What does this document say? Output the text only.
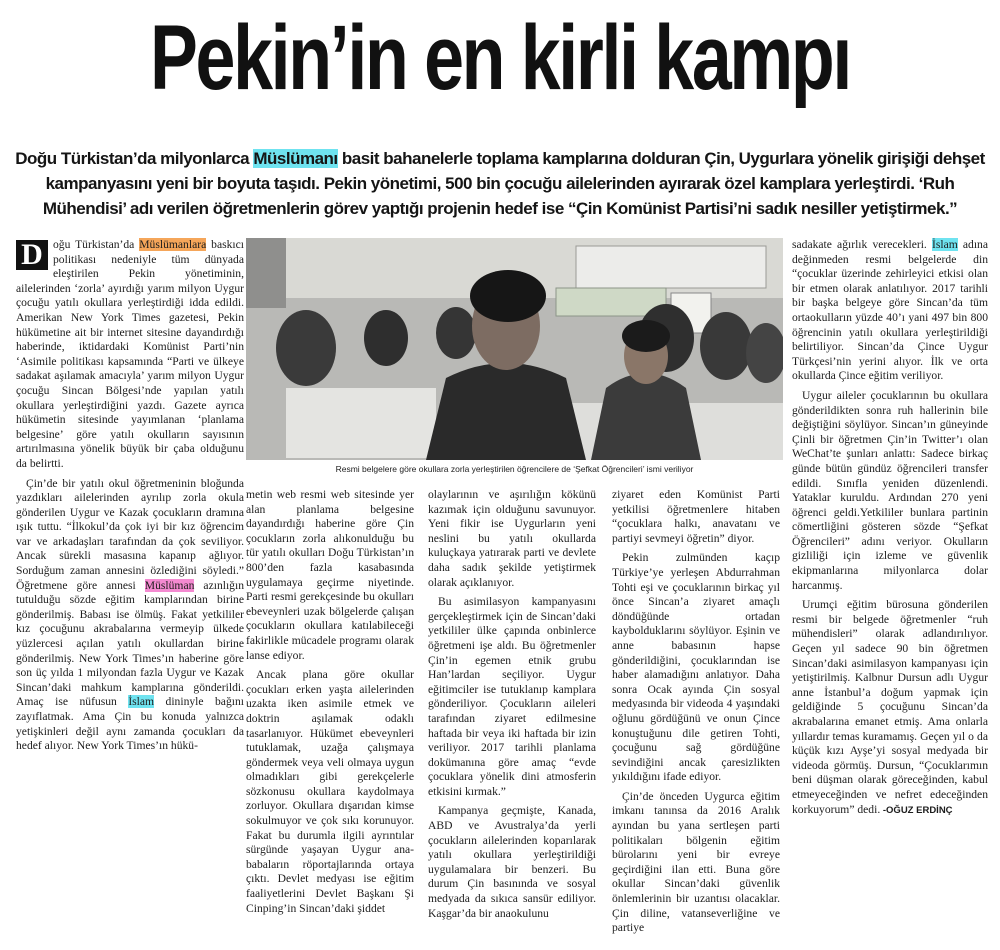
Pekin’in en kirli kampı
Doğu Türkistan’da milyonlarca Müslümanı basit bahanelerle toplama kamplarına dolduran Çin, Uygurlara yönelik girişiği dehşet kampanyasını yeni bir boyuta taşıdı. Pekin yönetimi, 500 bin çocuğu ailelerinden ayırarak özel kamplara yerleştirdi. ‘Ruh Mühendisi’ adı verilen öğretmenlerin görev yaptığı projenin hedef ise “Çin Komünist Partisi’ni sadık nesiller yetiştirmek.”

D oğu Türkistan’da Müslümanlara baskıcı politikası nedeniyle tüm dünyada eleştirilen Pekin yönetiminin, ailelerinden ‘zorla’ ayırdığı yarım milyon Uygur çocuğu yatılı okullara yerleştirdiği idda edildi. Amerikan New York Times gazetesi, Pekin hükümetine ait bir internet sitesine dayandırdığı haberinde, iktidardaki Komünist Parti’nin ‘Asimile politikası kapsamında “Parti ve ülkeye sadakat aşılamak amacıyla’ yarım milyon Uygur çocuğu Sincan Bölgesi’nde yapılan yatılı okullara yerleştirdiğini yazdı. Gazete ayrıca hükümetin sitesinde yayımlanan ‘planlama belgesine’ göre yatılı okulların sayısının artırılmasına yönelik büyük bir çaba olduğunu da belirtti.

Çin’de bir yatılı okul öğretmeninin bloğunda yazdıkları ailelerinden ayrılıp zorla okula gönderilen Uygur ve Kazak çocukların dramına ışık tuttu. “İlkokul’da çok iyi bir kız öğrencim var ve arkadaşları tarafından da çok seviliyor. Ancak sürekli masasına kapanıp ağlıyor. Sorduğum zaman annesini özlediğini söyledi.” Öğretmene göre annesi Müslüman azınlığın tutulduğu sözde eğitim kamplarından birine gönderilmiş. Babası ise ölmüş. Fakat yetkililer kız çocuğunu akrabalarına vermeyip ülkede yüzlercesi açılan yatılı okullardan birine gönderilmiş. New York Times’ın haberine göre son üç yılda 1 milyondan fazla Uygur ve Kazak Sincan’daki mahkum kamplarına gönderildi. Amaç ise nüfusun İslam dininyle bağını zayıflatmak. Ama Çin bu konuda yalnızca yetişkinleri değil aynı zamanda çocukları da hedef alıyor. New York Times’ın hükü-

Resmi belgelere göre okullara zorla yerleştirilen öğrencilere de ‘Şefkat Öğrencileri’ ismi veriliyor

metin web resmi web sitesinde yer alan planlama belgesine dayandırdığı haberine göre Çin çocukların zorla alıkonulduğu bu tür yatılı okulları Doğu Türkistan’ın 800’den fazla kasabasında uygulamaya geçirme niyetinde. Parti resmi gerekçesinde bu okulları ebeveynleri uzak bölgelerde çalışan çocukların okullara katılabileceği fakirlikle mücadele programı olarak lanse ediyor.

Ancak plana göre okullar çocukları erken yaşta ailelerinden uzakta iken asimile etmek ve doktrin aşılamak odaklı tasarlanıyor. Hükümet ebeveynleri tutuklamak, uzağa çalışmaya göndermek veya veli olmaya uygun olmadıkları gibi gerekçelerle sözkonusu okullara kaydolmaya zorluyor. Okullara dışarıdan kimse sokulmuyor ve çok sıkı korunuyor. Fakat bu durumla ilgili ayrıntılar sürgünde yaşayan Uygur ana-babaların röportajlarında ortaya çıktı. Devlet medyası ise eğitim faaliyetlerini Devlet Başkanı Şi Cinping’in Sincan’daki şiddet

olaylarının ve aşırılığın kökünü kazımak için olduğunu savunuyor. Yeni fikir ise Uygurların yeni neslini bu yatılı okullarda kuluçkaya yatırarak parti ve devlete daha sadık şekilde yetiştirmek olarak açıklanıyor.

Bu asimilasyon kampanyasını gerçekleştirmek için de Sincan’daki yetkililer ülke çapında onbinlerce öğretmeni işe aldı. Bu öğretmenler Çin’in egemen etnik grubu Han’lardan seçiliyor. Uygur eğitimciler ise tutuklanıp kamplara gönderiliyor. Çocukların aileleri tarafından ziyaret edilmesine haftada bir veya iki haftada bir izin veriliyor. 2017 tarihli planlama dokümanına göre amaç “evde çocuklara yönelik dini atmosferin etkisini kırmak.”

Kampanya geçmişte, Kanada, ABD ve Avustralya’da yerli çocukların ailelerinden koparılarak yatılı okullara yerleştirildiği uygulamalara bir benzeri. Bu durum Çin basınında ve sosyal medyada da sıkıca sansür ediliyor. Kaşgar’da bir anaokulunu

ziyaret eden Komünist Parti yetkilisi öğretmenlere hitaben “çocuklara halkı, anavatanı ve partiyi sevmeyi öğretin” diyor.

Pekin zulmünden kaçıp Türkiye’ye yerleşen Abdurrahman Tohti eşi ve çocuklarının birkaç yıl önce Sincan’a ziyaret amaçlı döndüğünde ortadan kaybolduklarını söylüyor. Eşinin ve anne babasının hapse gönderildiğini, çocuklarından ise haber alamadığını anlatıyor. Daha sonra Ocak ayında Çin sosyal medyasında bir videoda 4 yaşındaki oğlunu gördüğünü ve onun Çince konuştuğunu dile getiren Tohti, çocuğunu sağ gördüğüne sevindiğini ancak çaresizlikten yıkıldığını ifade ediyor.

Çin’de önceden Uygurca eğitim imkanı tanınsa da 2016 Aralık ayından bu yana sertleşen parti politikaları bölgenin eğitim bürolarını yeni bir evreye geçirdiğini ilan etti. Buna göre okullar Sincan’daki güvenlik önlemlerinin bir uzantısı olacaklar. Çin diline, vatanseverliğine ve partiye

sadakate ağırlık verecekleri. İslam adına değinmeden resmi belgelerde din “çocuklar üzerinde zehirleyici etkisi olan bir etmen olarak anlatılıyor. 2017 tarihli bir başka belgeye göre Sincan’da tüm ortaokulların yüzde 40’ı yani 497 bin 800 öğrencinin yatılı okullara yerleştirildiği belirtiliyor. Sincan’da Çince Uygur Türkçesi’nin yerini alıyor. İlk ve orta okullarda Çince eğitim veriliyor.

Uygur aileler çocuklarının bu okullara gönderildikten sonra ruh hallerinin bile değiştiğini söylüyor. Sincan’ın güneyinde Çinli bir öğretmen Çin’in Twitter’ı olan WeChat’te şunları anlattı: Sadece birkaç günde bütün gündüz öğrencileri transfer edildi. Sınıfla yeniden düzenlendi. Yataklar kuruldu. Ardından 270 yeni öğrenci geldi.Yetkililer bunlara partinin cömertliğini gösteren sözde “Şefkat Öğrencileri” adını veriyor. Okulların gizliliği için izleme ve güvenlik ekipmanlarına milyonlarca dolar harcanmış.

Urumçi eğitim bürosuna gönderilen resmi bir belgede öğretmenler “ruh mühendisleri” olarak adlandırılıyor. Geçen yıl sadece 90 bin öğretmen Sincan’daki asimilasyon kampanyası için yetiştirilmiş. Kalbnur Dursun adlı Uygur anne İstanbul’a doğum yapmak için geldiğinde 5 çocuğunu Sincan’da akrabalarına emanet etmiş. Ama onlarla yıllardır temas kuramamış. Geçen yıl o da küçük kızı Ayşe’yi sosyal medyada bir videoda görmüş. Dursun, “Çocuklarımın beni düşman olarak göreceğinden, kabul etmeyeceğinden ve nefret edeceğinden korkuyorum” dedi. -OĞUZ ERDİNÇ
